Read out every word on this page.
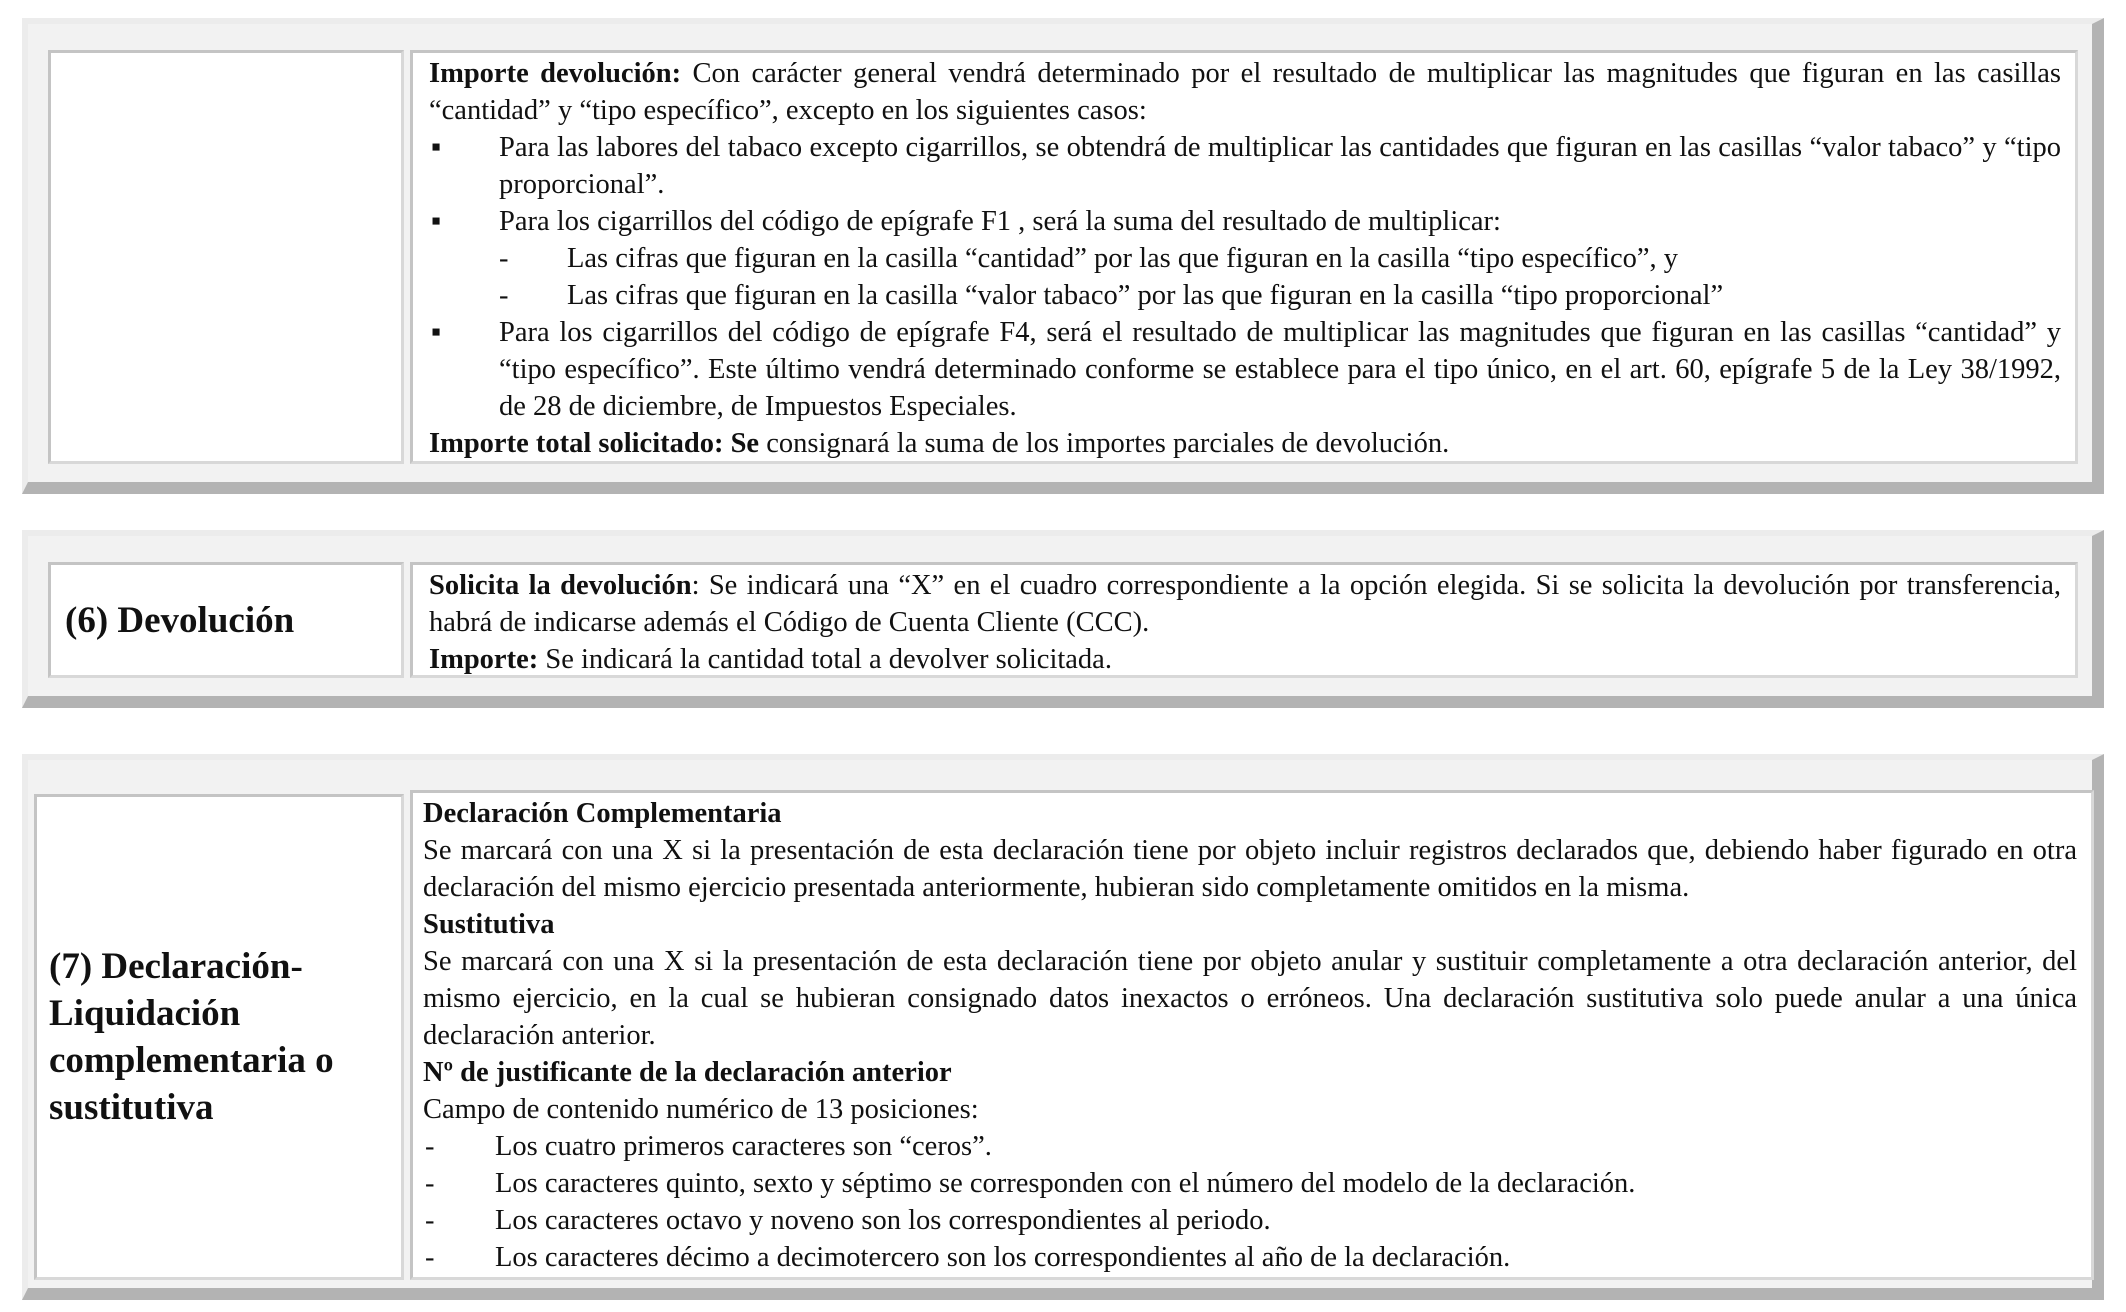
Importe devolución: Con carácter general vendrá determinado por el resultado de multiplicar las magnitudes que figuran en las casillas “cantidad” y “tipo específico”, excepto en los siguientes casos:

▪	Para las labores del tabaco excepto cigarrillos, se obtendrá de multiplicar las cantidades que figuran en las casillas “valor tabaco” y “tipo proporcional”.
▪	Para los cigarrillos del código de epígrafe F1 , será la suma del resultado de multiplicar:
-	Las cifras que figuran en la casilla “cantidad” por las que figuran en la casilla “tipo específico”, y
-	Las cifras que figuran en la casilla “valor tabaco” por las que figuran en la casilla “tipo proporcional”
▪	Para los cigarrillos del código de epígrafe F4, será el resultado de multiplicar las magnitudes que figuran en las casillas “cantidad” y “tipo específico”. Este último vendrá determinado conforme se establece para el tipo único, en el art. 60, epígrafe 5 de la Ley 38/1992, de 28 de diciembre, de Impuestos Especiales.

Importe total solicitado: Se consignará la suma de los importes parciales de devolución.

(6) Devolución

Solicita la devolución: Se indicará una “X” en el cuadro correspondiente a la opción elegida. Si se solicita la devolución por transferencia, habrá de indicarse además el Código de Cuenta Cliente (CCC).

Importe: Se indicará la cantidad total a devolver solicitada.

(7) Declaración-
Liquidación
complementaria o
sustitutiva

Declaración Complementaria

Se marcará con una X si la presentación de esta declaración tiene por objeto incluir registros declarados que, debiendo haber figurado en otra declaración del mismo ejercicio presentada anteriormente, hubieran sido completamente omitidos en la misma.

Sustitutiva

Se marcará con una X si la presentación de esta declaración tiene por objeto anular y sustituir completamente a otra declaración anterior, del mismo ejercicio, en la cual se hubieran consignado datos inexactos o erróneos. Una declaración sustitutiva solo puede anular a una única declaración anterior.

Nº de justificante de la declaración anterior

Campo de contenido numérico de 13 posiciones:

-	Los cuatro primeros caracteres son “ceros”.
-	Los caracteres quinto, sexto y séptimo se corresponden con el número del modelo de la declaración.
-	Los caracteres octavo y noveno son los correspondientes al periodo.
-	Los caracteres décimo a decimotercero son los correspondientes al año de la declaración.
